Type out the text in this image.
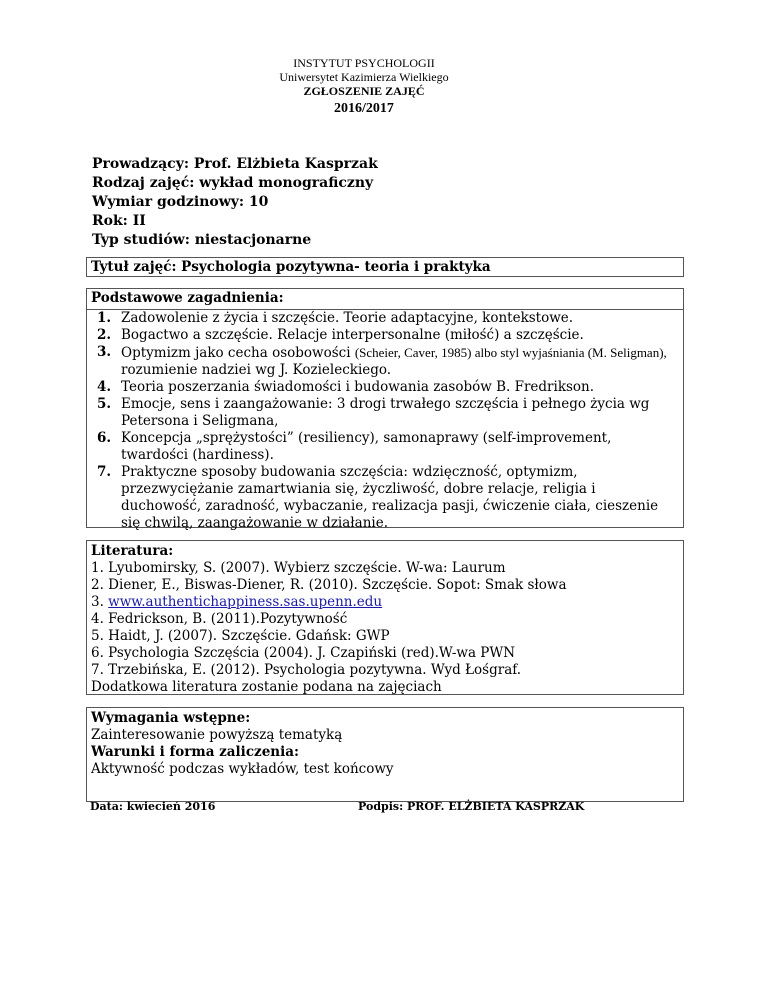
INSTYTUT PSYCHOLOGII
Uniwersytet Kazimierza Wielkiego
ZGŁOSZENIE ZAJĘĆ
2016/2017
Prowadzący: Prof. Elżbieta Kasprzak
Rodzaj zajęć: wykład monograficzny
Wymiar godzinowy: 10
Rok: II
Typ studiów: niestacjonarne
Tytuł zajęć: Psychologia pozytywna- teoria i praktyka
Podstawowe zagadnienia:
1. Zadowolenie z życia i szczęście. Teorie adaptacyjne, kontekstowe.
2. Bogactwo a szczęście. Relacje interpersonalne (miłość) a szczęście.
3. Optymizm jako cecha osobowości (Scheier, Caver, 1985) albo styl wyjaśniania (M. Seligman), rozumienie nadziei wg J. Kozieleckiego.
4. Teoria poszerzania świadomości i budowania zasobów B. Fredrikson.
5. Emocje, sens i zaangażowanie: 3 drogi trwałego szczęścia i pełnego życia wg Petersona i Seligmana,
6. Koncepcja „sprężystości” (resiliency), samonaprawy (self-improvement, twardości (hardiness).
7. Praktyczne sposoby budowania szczęścia: wdzięczność, optymizm, przezwyciężanie zamartwiania się, życzliwość, dobre relacje, religia i duchowość, zaradność, wybaczanie, realizacja pasji, ćwiczenie ciała, cieszenie się chwilą, zaangażowanie w działanie.
Literatura:
1. Lyubomirsky, S. (2007). Wybierz szczęście. W-wa: Laurum
2. Diener, E., Biswas-Diener, R. (2010). Szczęście. Sopot: Smak słowa
3. www.authentichappiness.sas.upenn.edu
4. Fedrickson, B. (2011).Pozytywność
5. Haidt, J. (2007). Szczęście. Gdańsk: GWP
6. Psychologia Szczęścia (2004). J. Czapiński (red).W-wa PWN
7. Trzebińska, E. (2012). Psychologia pozytywna. Wyd Łośgraf.
Dodatkowa literatura zostanie podana na zajęciach
Wymagania wstępne:
Zainteresowanie powyższą tematyką
Warunki i forma zaliczenia:
Aktywność podczas wykładów, test końcowy
Data: kwiecień 2016	Podpis: PROF. ELŻBIETA KASPRZAK
